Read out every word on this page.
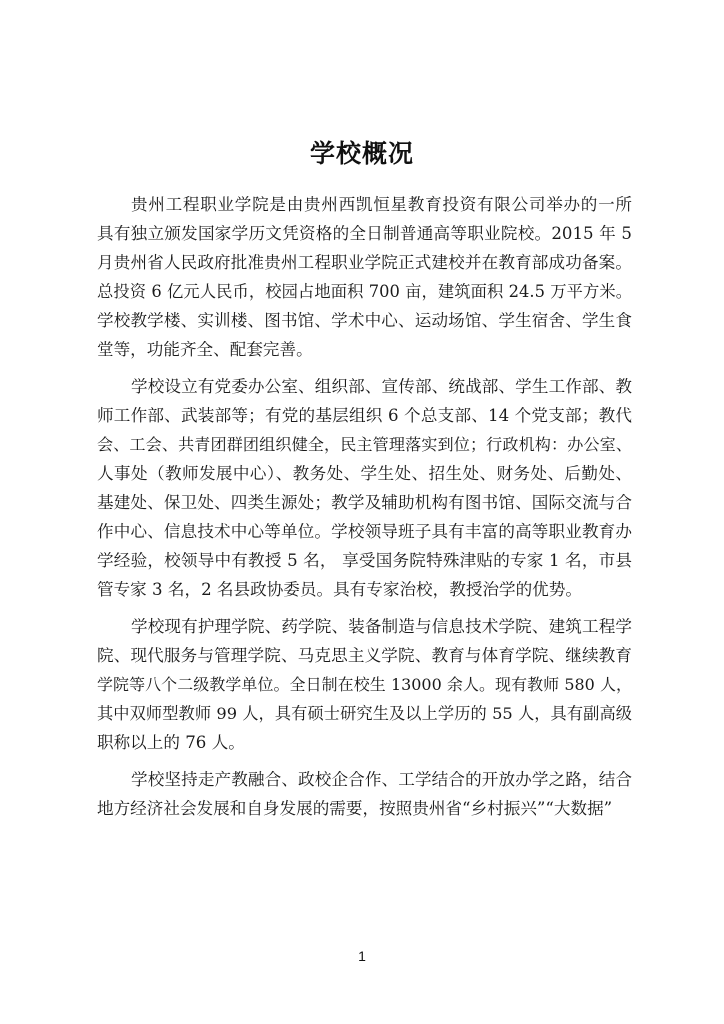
学校概况
贵州工程职业学院是由贵州西凯恒星教育投资有限公司举办的一所
具有独立颁发国家学历文凭资格的全日制普通高等职业院校。2015 年 5
月贵州省人民政府批准贵州工程职业学院正式建校并在教育部成功备案。
总投资 6 亿元人民币，校园占地面积 700 亩，建筑面积 24.5 万平方米。
学校教学楼、实训楼、图书馆、学术中心、运动场馆、学生宿舍、学生食
堂等，功能齐全、配套完善。
学校设立有党委办公室、组织部、宣传部、统战部、学生工作部、教
师工作部、武装部等；有党的基层组织 6 个总支部、14 个党支部；教代
会、工会、共青团群团组织健全，民主管理落实到位；行政机构：办公室、
人事处（教师发展中心）、教务处、学生处、招生处、财务处、后勤处、
基建处、保卫处、四类生源处；教学及辅助机构有图书馆、国际交流与合
作中心、信息技术中心等单位。学校领导班子具有丰富的高等职业教育办
学经验，校领导中有教授 5 名， 享受国务院特殊津贴的专家 1 名，市县
管专家 3 名，2 名县政协委员。具有专家治校，教授治学的优势。
学校现有护理学院、药学院、装备制造与信息技术学院、建筑工程学
院、现代服务与管理学院、马克思主义学院、教育与体育学院、继续教育
学院等八个二级教学单位。全日制在校生 13000 余人。现有教师 580 人，
其中双师型教师 99 人，具有硕士研究生及以上学历的 55 人，具有副高级
职称以上的 76 人。
学校坚持走产教融合、政校企合作、工学结合的开放办学之路，结合
地方经济社会发展和自身发展的需要，按照贵州省“乡村振兴”“大数据”
1
